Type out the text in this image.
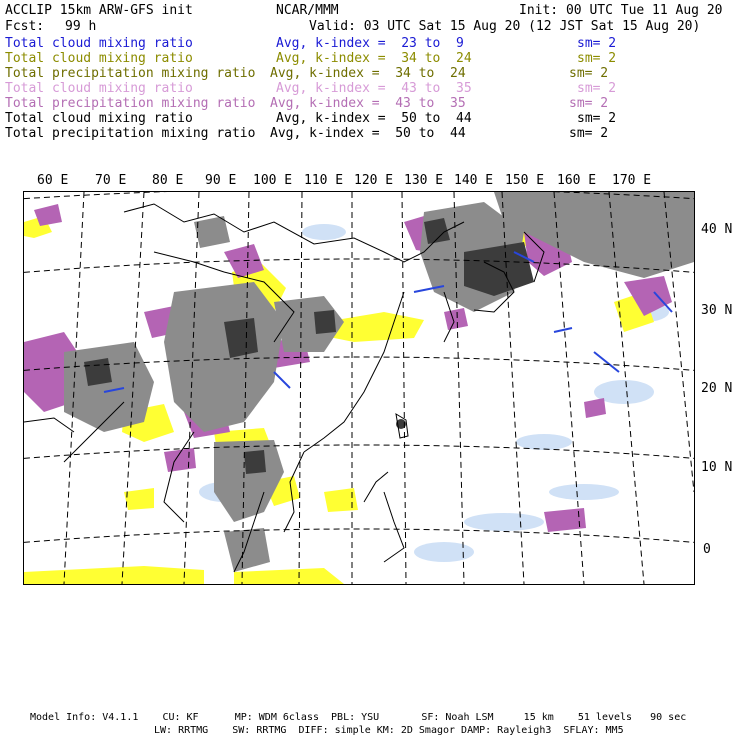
ACCLIP 15km ARW-GFS init	NCAR/MMM	Init: 00 UTC Tue 11 Aug 20
Fcst: 99 h	Valid: 03 UTC Sat 15 Aug 20 (12 JST Sat 15 Aug 20)
Total cloud mixing ratio	Avg, k-index =  23 to  9	sm= 2
Total cloud mixing ratio	Avg, k-index =  34 to  24	sm= 2
Total precipitation mixing ratio Avg, k-index =  34 to  24	sm= 2
Total cloud mixing ratio	Avg, k-index =  43 to  35	sm= 2
Total precipitation mixing ratio Avg, k-index =  43 to  35	sm= 2
Total cloud mixing ratio	Avg, k-index =  50 to  44	sm= 2
Total precipitation mixing ratio Avg, k-index =  50 to  44	sm= 2
60 E 70 E 80 E 90 E 100 E 110 E 120 E 130 E 140 E 150 E 160 E 170 E
40 N
30 N
20 N
10 N
0
Model Info: V4.1.1    CU: KF      MP: WDM 6class  PBL: YSU       SF: Noah LSM     15 km    51 levels   90 sec
LW: RRTMG    SW: RRTMG  DIFF: simple KM: 2D Smagor DAMP: Rayleigh3  SFLAY: MM5
